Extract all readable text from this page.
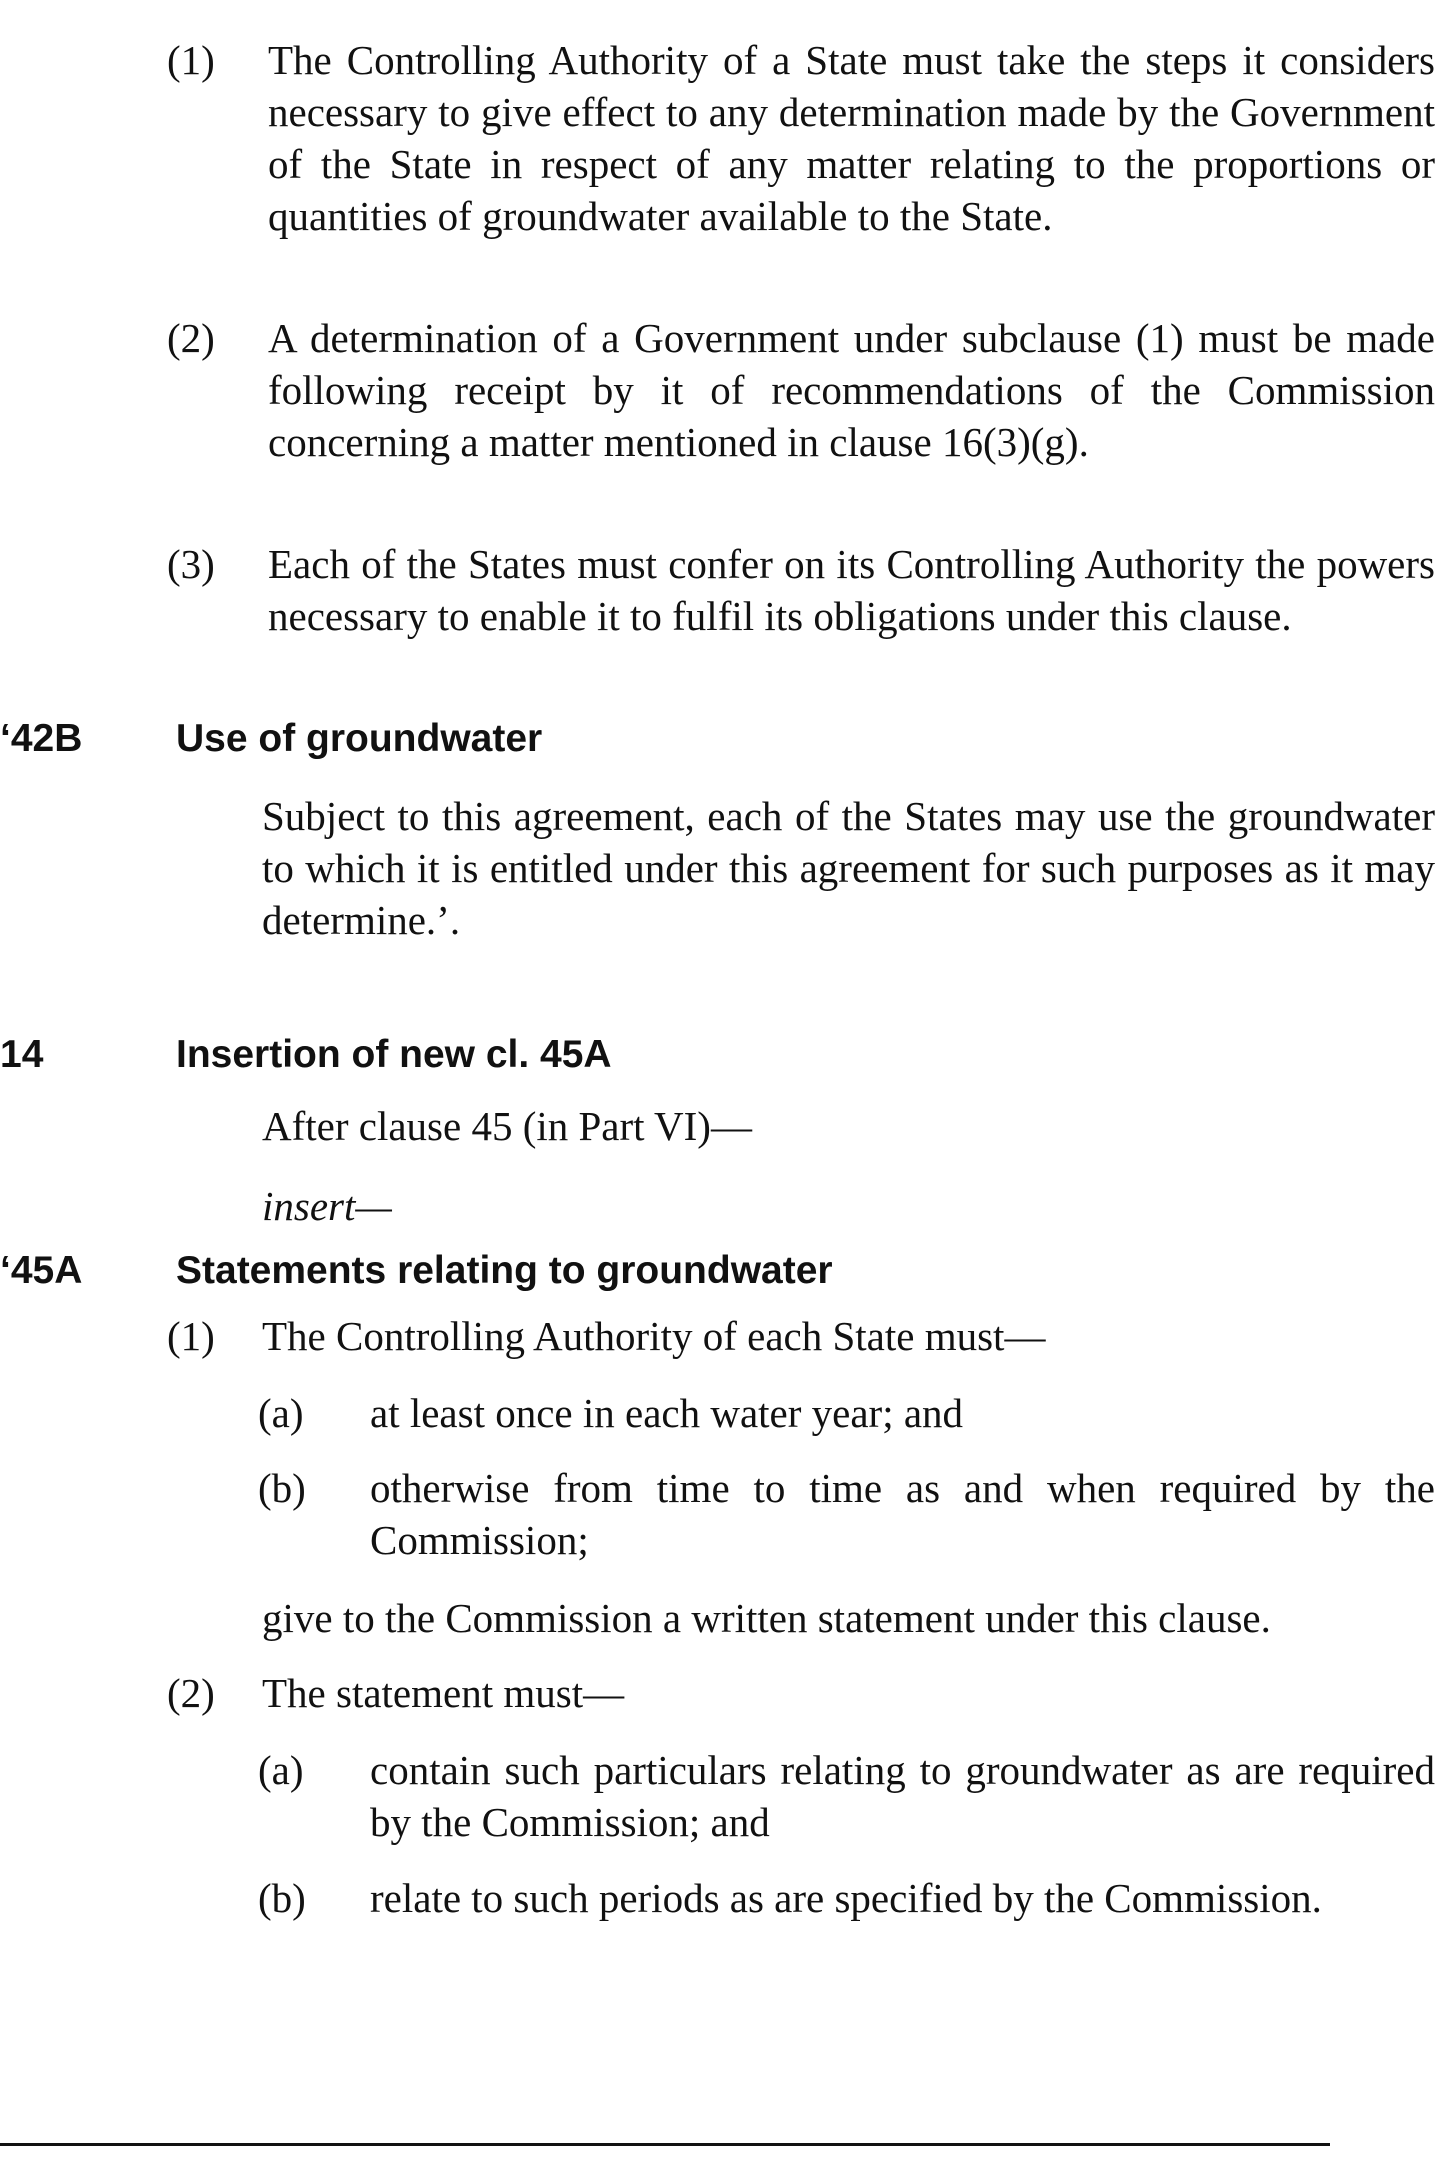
(1) The Controlling Authority of a State must take the steps it considers necessary to give effect to any determination made by the Government of the State in respect of any matter relating to the proportions or quantities of groundwater available to the State.

(2) A determination of a Government under subclause (1) must be made following receipt by it of recommendations of the Commission concerning a matter mentioned in clause 16(3)(g).

(3) Each of the States must confer on its Controlling Authority the powers necessary to enable it to fulfil its obligations under this clause.

‘42B Use of groundwater

Subject to this agreement, each of the States may use the groundwater to which it is entitled under this agreement for such purposes as it may determine.’.

14	Insertion of new cl. 45A

After clause 45 (in Part VI)—

insert—

‘45A Statements relating to groundwater
(1) The Controlling Authority of each State must—

(a) at least once in each water year; and

(b) otherwise from time to time as and when required by the Commission;

give to the Commission a written statement under this clause.

(2) The statement must—

(a) contain such particulars relating to groundwater as are required by the Commission; and

(b) relate to such periods as are specified by the Commission.
